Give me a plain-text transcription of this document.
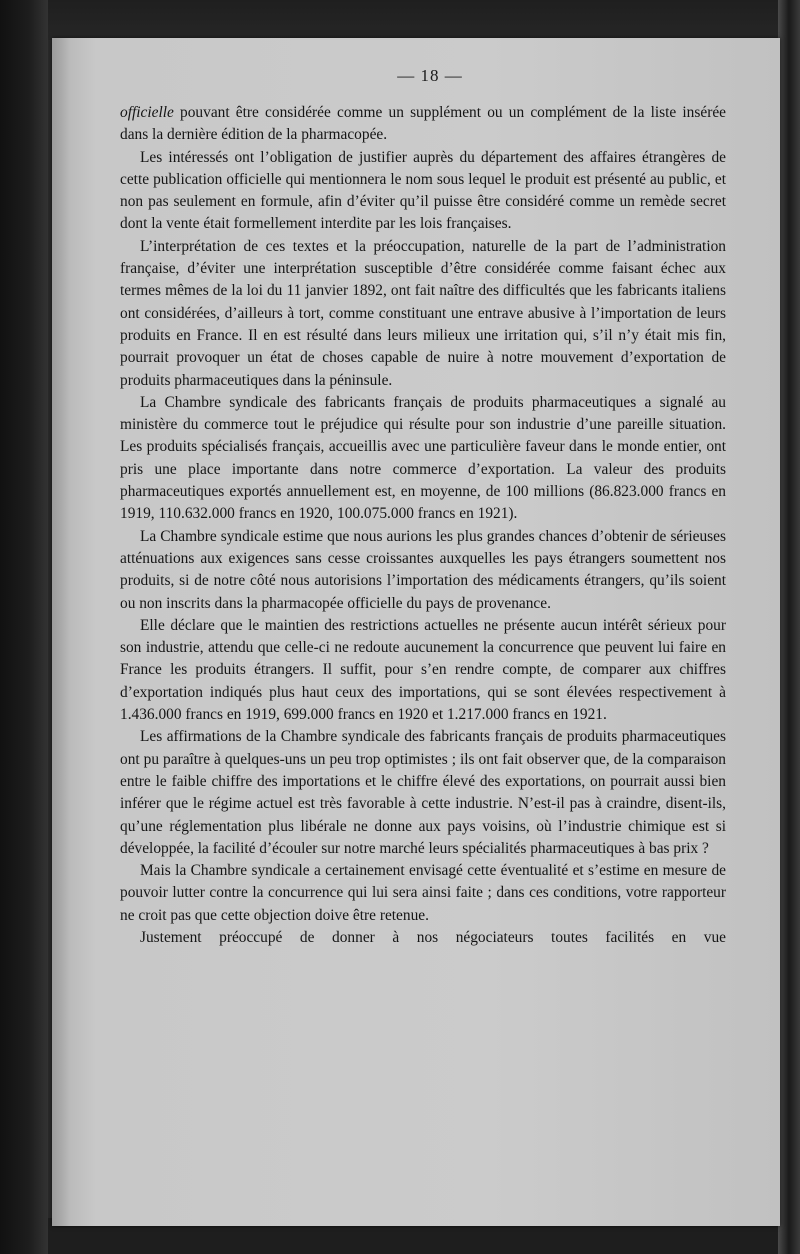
— 18 —

officielle pouvant être considérée comme un supplément ou un complément de la liste insérée dans la dernière édition de la pharmacopée.

Les intéressés ont l’obligation de justifier auprès du département des affaires étrangères de cette publication officielle qui mentionnera le nom sous lequel le produit est présenté au public, et non pas seulement en formule, afin d’éviter qu’il puisse être considéré comme un remède secret dont la vente était formellement interdite par les lois françaises.

L’interprétation de ces textes et la préoccupation, naturelle de la part de l’administration française, d’éviter une interprétation susceptible d’être considérée comme faisant échec aux termes mêmes de la loi du 11 janvier 1892, ont fait naître des difficultés que les fabricants italiens ont considérées, d’ailleurs à tort, comme constituant une entrave abusive à l’importation de leurs produits en France. Il en est résulté dans leurs milieux une irritation qui, s’il n’y était mis fin, pourrait provoquer un état de choses capable de nuire à notre mouvement d’exportation de produits pharmaceutiques dans la péninsule.

La Chambre syndicale des fabricants français de produits pharmaceutiques a signalé au ministère du commerce tout le préjudice qui résulte pour son industrie d’une pareille situation. Les produits spécialisés français, accueillis avec une particulière faveur dans le monde entier, ont pris une place importante dans notre commerce d’exportation. La valeur des produits pharmaceutiques exportés annuellement est, en moyenne, de 100 millions (86.823.000 francs en 1919, 110.632.000 francs en 1920, 100.075.000 francs en 1921).

La Chambre syndicale estime que nous aurions les plus grandes chances d’obtenir de sérieuses atténuations aux exigences sans cesse croissantes auxquelles les pays étrangers soumettent nos produits, si de notre côté nous autorisions l’importation des médicaments étrangers, qu’ils soient ou non inscrits dans la pharmacopée officielle du pays de provenance.

Elle déclare que le maintien des restrictions actuelles ne présente aucun intérêt sérieux pour son industrie, attendu que celle-ci ne redoute aucunement la concurrence que peuvent lui faire en France les produits étrangers. Il suffit, pour s’en rendre compte, de comparer aux chiffres d’exportation indiqués plus haut ceux des importations, qui se sont élevées respectivement à 1.436.000 francs en 1919, 699.000 francs en 1920 et 1.217.000 francs en 1921.

Les affirmations de la Chambre syndicale des fabricants français de produits pharmaceutiques ont pu paraître à quelques-uns un peu trop optimistes ; ils ont fait observer que, de la comparaison entre le faible chiffre des importations et le chiffre élevé des exportations, on pourrait aussi bien inférer que le régime actuel est très favorable à cette industrie. N’est-il pas à craindre, disent-ils, qu’une réglementation plus libérale ne donne aux pays voisins, où l’industrie chimique est si développée, la facilité d’écouler sur notre marché leurs spécialités pharmaceutiques à bas prix ?

Mais la Chambre syndicale a certainement envisagé cette éventualité et s’estime en mesure de pouvoir lutter contre la concurrence qui lui sera ainsi faite ; dans ces conditions, votre rapporteur ne croit pas que cette objection doive être retenue.

Justement préoccupé de donner à nos négociateurs toutes facilités en vue
